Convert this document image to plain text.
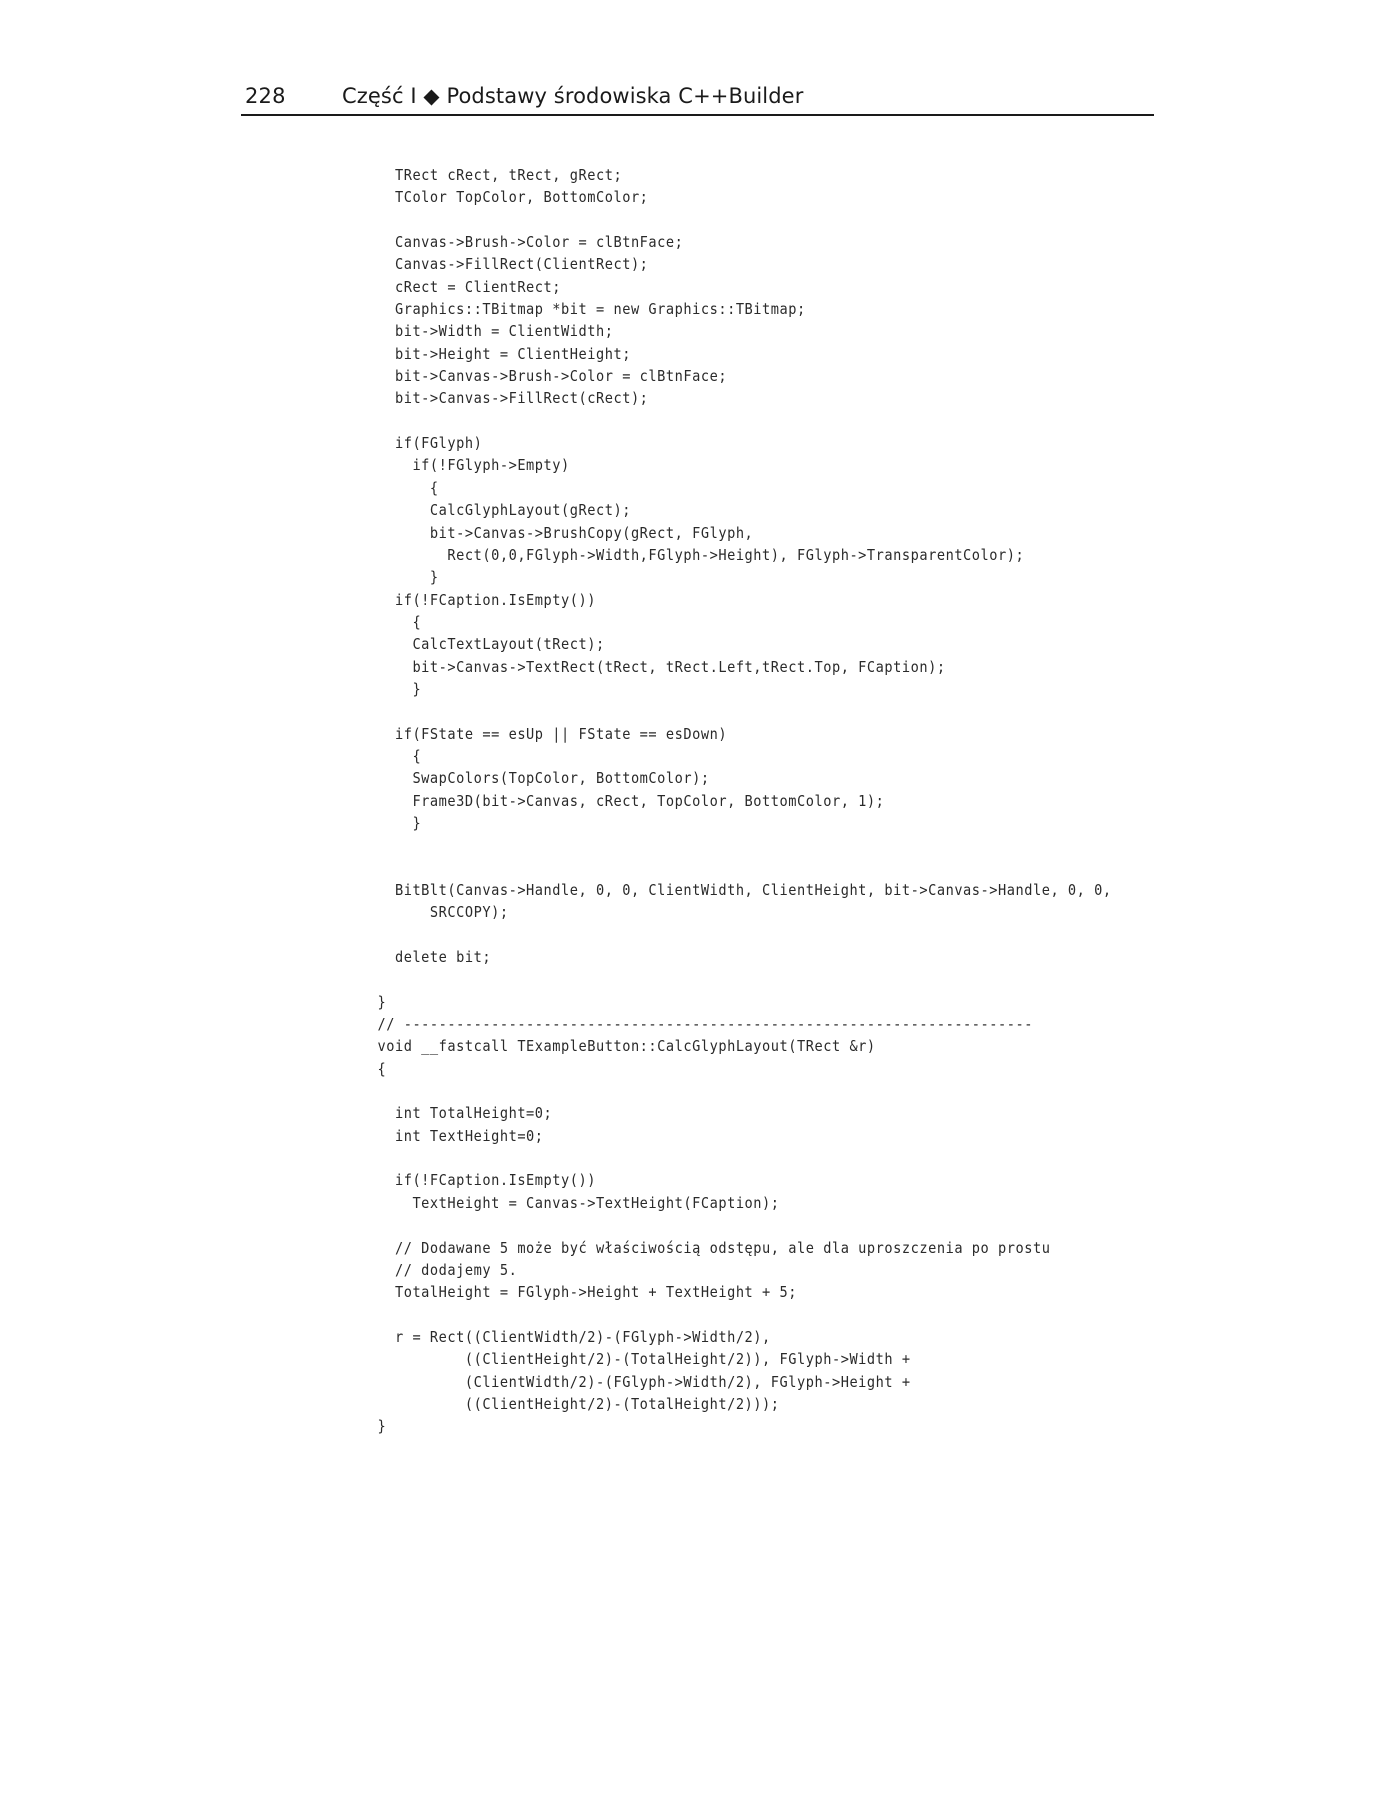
228	Część I ◆ Podstawy środowiska C++Builder
TRect cRect, tRect, gRect;
TColor TopColor, BottomColor;

Canvas->Brush->Color = clBtnFace;
Canvas->FillRect(ClientRect);
cRect = ClientRect;
Graphics::TBitmap *bit = new Graphics::TBitmap;
bit->Width = ClientWidth;
bit->Height = ClientHeight;
bit->Canvas->Brush->Color = clBtnFace;
bit->Canvas->FillRect(cRect);

if(FGlyph)
if(!FGlyph->Empty)
{
CalcGlyphLayout(gRect);
bit->Canvas->BrushCopy(gRect, FGlyph,
Rect(0,0,FGlyph->Width,FGlyph->Height), FGlyph->TransparentColor);
}
if(!FCaption.IsEmpty())
{
CalcTextLayout(tRect);
bit->Canvas->TextRect(tRect, tRect.Left,tRect.Top, FCaption);
}

if(FState == esUp || FState == esDown)
{
SwapColors(TopColor, BottomColor);
Frame3D(bit->Canvas, cRect, TopColor, BottomColor, 1);
}

BitBlt(Canvas->Handle, 0, 0, ClientWidth, ClientHeight, bit->Canvas->Handle, 0, 0,
SRCCOPY);

delete bit;

}
// ------------------------------------------------------------------------
void __fastcall TExampleButton::CalcGlyphLayout(TRect &r)
{

int TotalHeight=0;
int TextHeight=0;

if(!FCaption.IsEmpty())
TextHeight = Canvas->TextHeight(FCaption);

// Dodawane 5 może być właściwością odstępu, ale dla uproszczenia po prostu
// dodajemy 5.
TotalHeight = FGlyph->Height + TextHeight + 5;

r = Rect((ClientWidth/2)-(FGlyph->Width/2),
((ClientHeight/2)-(TotalHeight/2)), FGlyph->Width +
(ClientWidth/2)-(FGlyph->Width/2), FGlyph->Height +
((ClientHeight/2)-(TotalHeight/2)));
}
